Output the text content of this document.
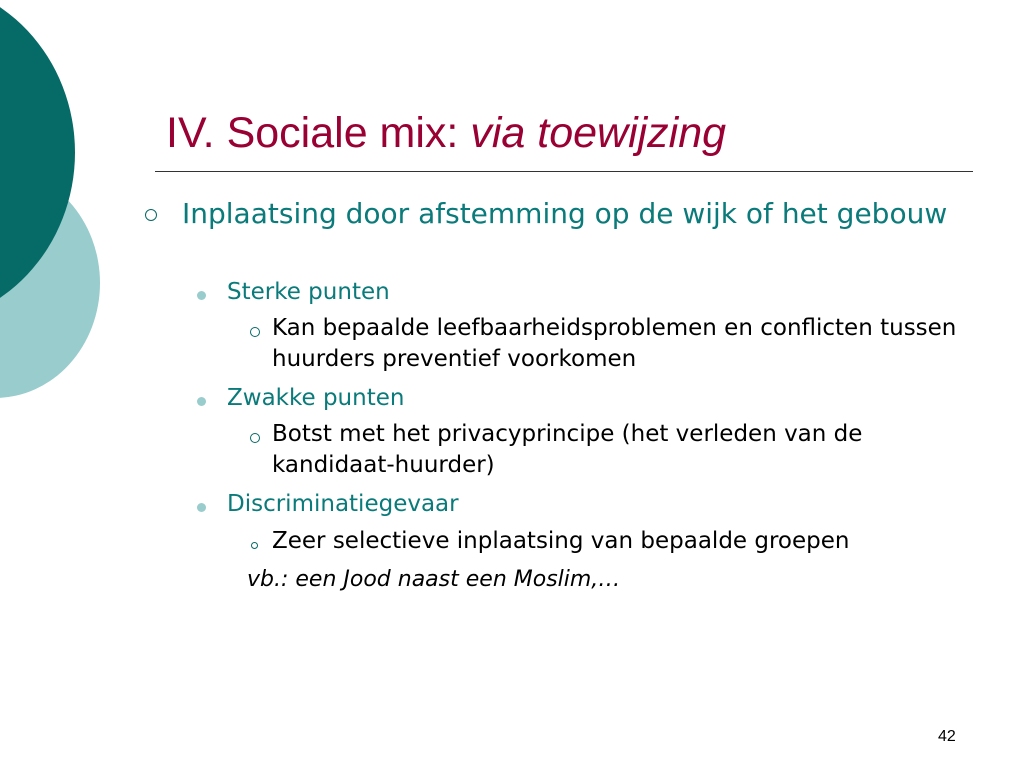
IV. Sociale mix: via toewijzing

Inplaatsing door afstemming op de wijk of het gebouw

Sterke punten

Kan bepaalde leefbaarheidsproblemen en conflicten tussen huurders preventief voorkomen

Zwakke punten

Botst met het privacyprincipe (het verleden van de kandidaat-huurder)

Discriminatiegevaar

Zeer selectieve inplaatsing van bepaalde groepen

vb.: een Jood naast een Moslim,…

42
